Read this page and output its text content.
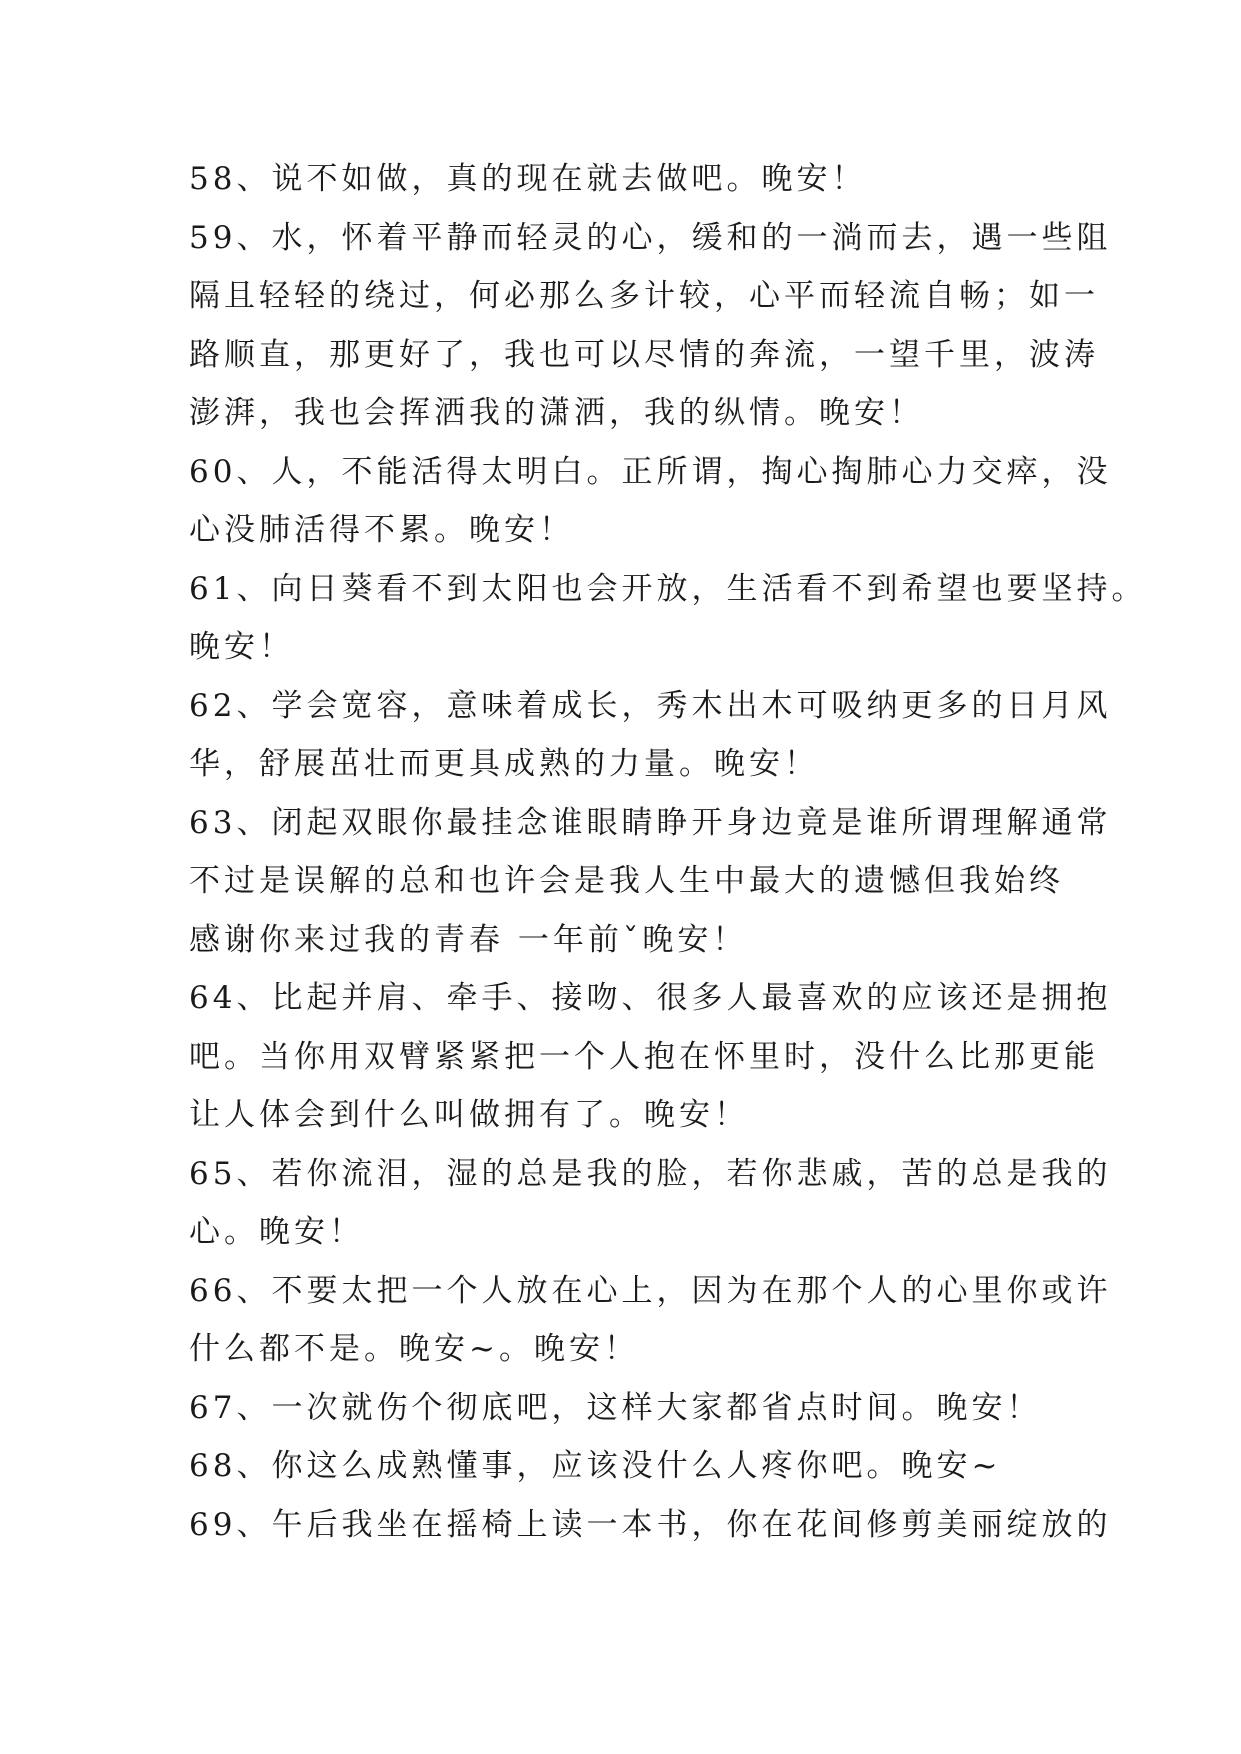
58、说不如做，真的现在就去做吧。晚安！
59、水，怀着平静而轻灵的心，缓和的一淌而去，遇一些阻
隔且轻轻的绕过，何必那么多计较，心平而轻流自畅；如一
路顺直，那更好了，我也可以尽情的奔流，一望千里，波涛
澎湃，我也会挥洒我的潇洒，我的纵情。晚安！
60、人，不能活得太明白。正所谓，掏心掏肺心力交瘁，没
心没肺活得不累。晚安！
61、向日葵看不到太阳也会开放，生活看不到希望也要坚持。
晚安！
62、学会宽容，意味着成长，秀木出木可吸纳更多的日月风
华，舒展茁壮而更具成熟的力量。晚安！
63、闭起双眼你最挂念谁眼睛睁开身边竟是谁所谓理解通常
不过是误解的总和也许会是我人生中最大的遗憾但我始终
感谢你来过我的青春 一年前ˇ晚安！
64、比起并肩、牵手、接吻、很多人最喜欢的应该还是拥抱
吧。当你用双臂紧紧把一个人抱在怀里时，没什么比那更能
让人体会到什么叫做拥有了。晚安！
65、若你流泪，湿的总是我的脸，若你悲戚，苦的总是我的
心。晚安！
66、不要太把一个人放在心上，因为在那个人的心里你或许
什么都不是。晚安~。晚安！
67、一次就伤个彻底吧，这样大家都省点时间。晚安！
68、你这么成熟懂事，应该没什么人疼你吧。晚安~
69、午后我坐在摇椅上读一本书，你在花间修剪美丽绽放的
